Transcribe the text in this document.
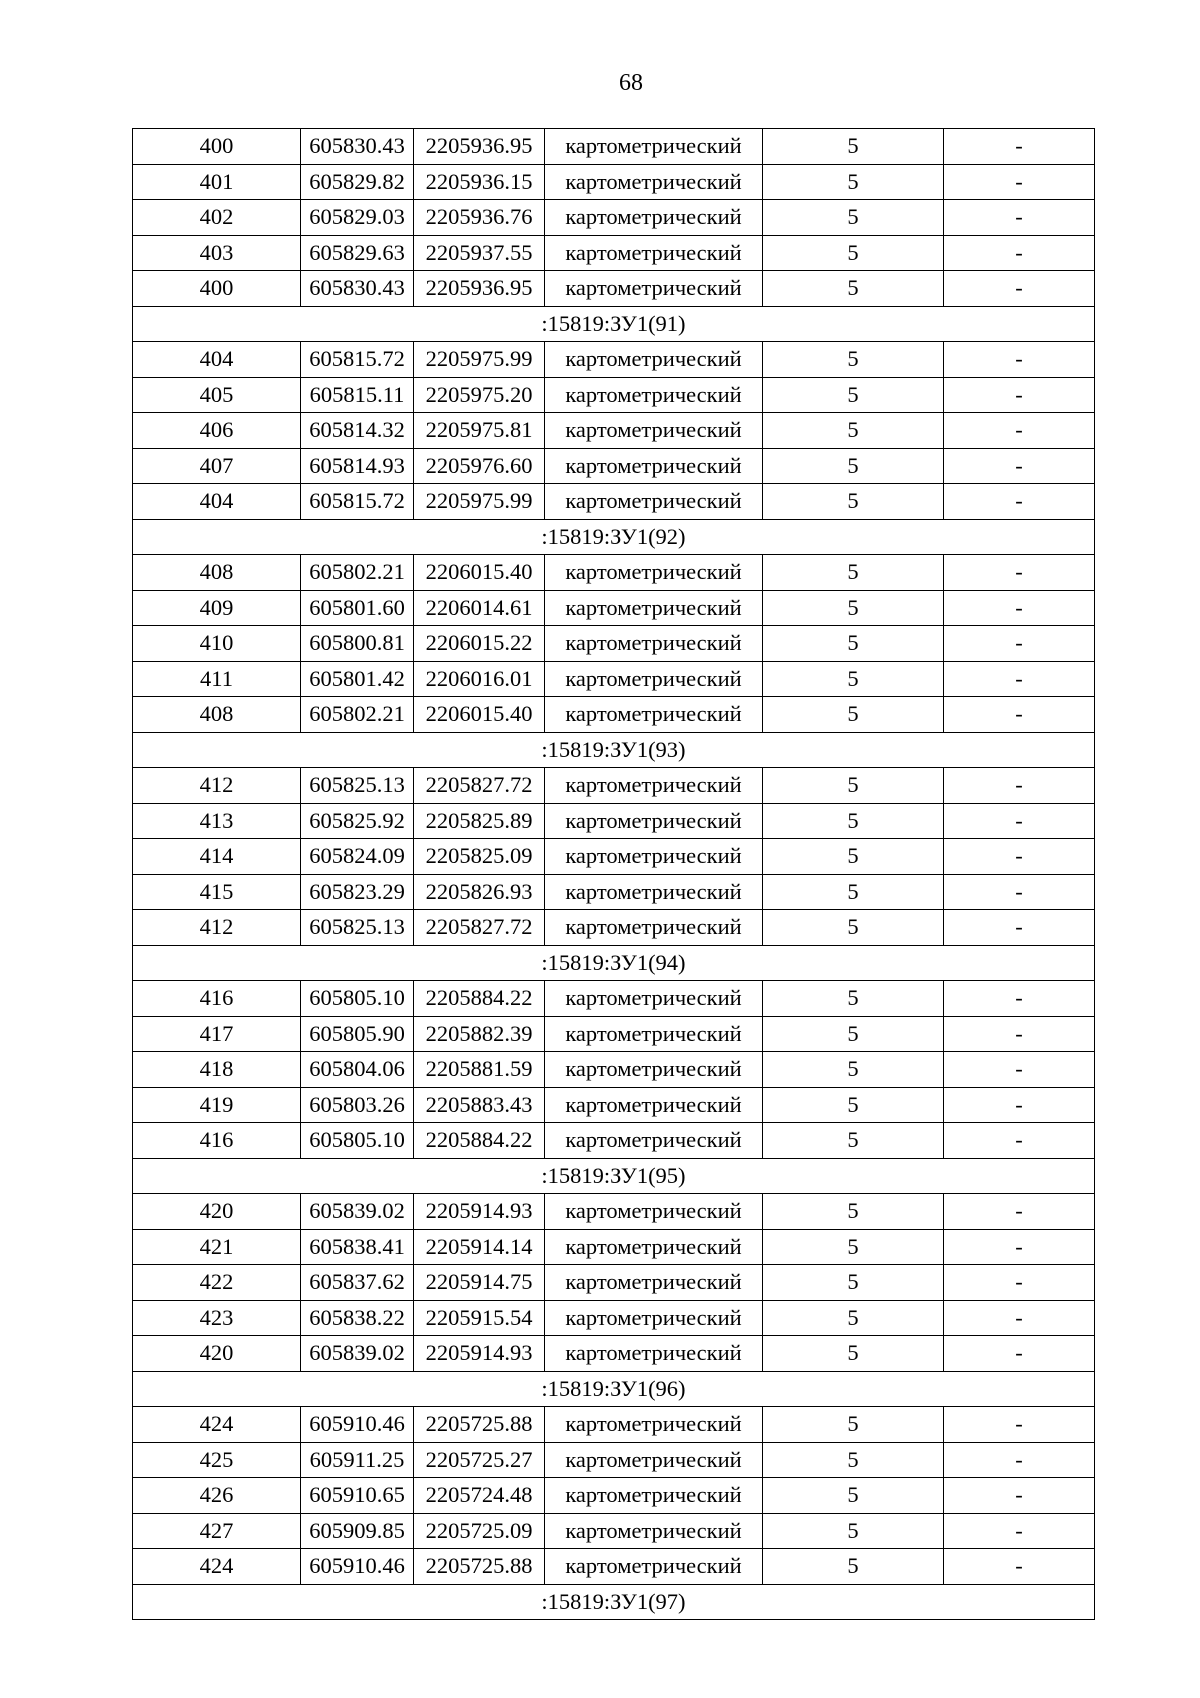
68
400	605830.43	2205936.95	картометрический	5	-
401	605829.82	2205936.15	картометрический	5	-
402	605829.03	2205936.76	картометрический	5	-
403	605829.63	2205937.55	картометрический	5	-
400	605830.43	2205936.95	картометрический	5	-
:15819:ЗУ1(91)					
404	605815.72	2205975.99	картометрический	5	-
405	605815.11	2205975.20	картометрический	5	-
406	605814.32	2205975.81	картометрический	5	-
407	605814.93	2205976.60	картометрический	5	-
404	605815.72	2205975.99	картометрический	5	-
:15819:ЗУ1(92)					
408	605802.21	2206015.40	картометрический	5	-
409	605801.60	2206014.61	картометрический	5	-
410	605800.81	2206015.22	картометрический	5	-
411	605801.42	2206016.01	картометрический	5	-
408	605802.21	2206015.40	картометрический	5	-
:15819:ЗУ1(93)					
412	605825.13	2205827.72	картометрический	5	-
413	605825.92	2205825.89	картометрический	5	-
414	605824.09	2205825.09	картометрический	5	-
415	605823.29	2205826.93	картометрический	5	-
412	605825.13	2205827.72	картометрический	5	-
:15819:ЗУ1(94)					
416	605805.10	2205884.22	картометрический	5	-
417	605805.90	2205882.39	картометрический	5	-
418	605804.06	2205881.59	картометрический	5	-
419	605803.26	2205883.43	картометрический	5	-
416	605805.10	2205884.22	картометрический	5	-
:15819:ЗУ1(95)					
420	605839.02	2205914.93	картометрический	5	-
421	605838.41	2205914.14	картометрический	5	-
422	605837.62	2205914.75	картометрический	5	-
423	605838.22	2205915.54	картометрический	5	-
420	605839.02	2205914.93	картометрический	5	-
:15819:ЗУ1(96)					
424	605910.46	2205725.88	картометрический	5	-
425	605911.25	2205725.27	картометрический	5	-
426	605910.65	2205724.48	картометрический	5	-
427	605909.85	2205725.09	картометрический	5	-
424	605910.46	2205725.88	картометрический	5	-
:15819:ЗУ1(97)					
